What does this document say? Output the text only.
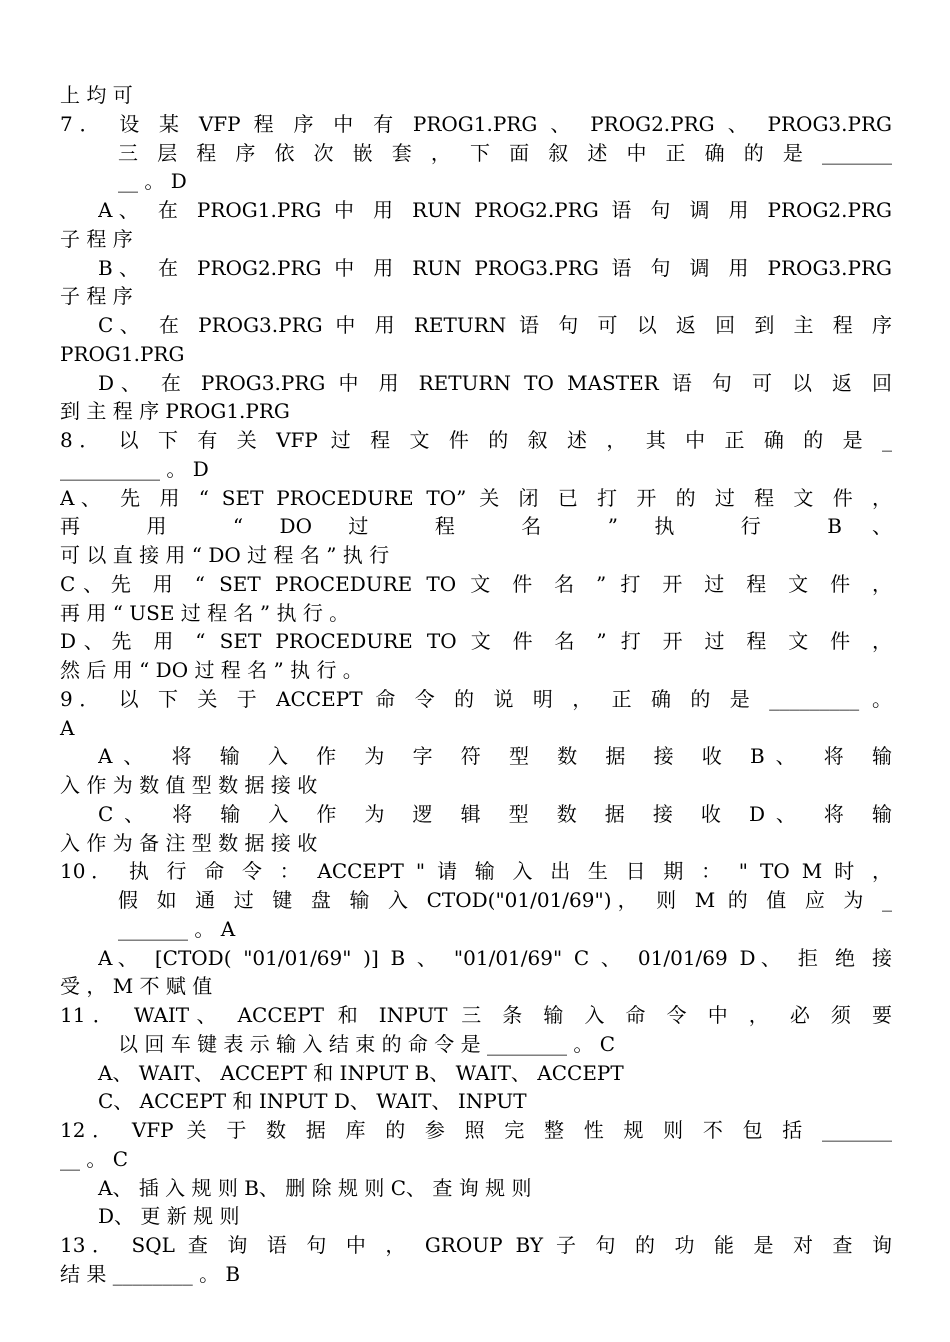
上 均 可
7． 设 某 VFP 程 序 中 有 PROG1.PRG 、 PROG2.PRG 、 PROG3.PRG
三 层 程 序 依 次 嵌 套 ， 下 面 叙 述 中 正 确 的 是 _______
__ 。 D
A、 在 PROG1.PRG 中 用 RUN PROG2.PRG 语 句 调 用 PROG2.PRG
子 程 序
B、 在 PROG2.PRG 中 用 RUN PROG3.PRG 语 句 调 用 PROG3.PRG
子 程 序
C、 在 PROG3.PRG 中 用 RETURN 语 句 可 以 返 回 到 主 程 序
PROG1.PRG
D、 在 PROG3.PRG 中 用 RETURN TO MASTER 语 句 可 以 返 回
到 主 程 序 PROG1.PRG
8． 以 下 有 关 VFP 过 程 文 件 的 叙 述 ， 其 中 正 确 的 是 _
__________ 。 D
A、 先 用 “ SET PROCEDURE TO” 关 闭 已 打 开 的 过 程 文 件 ，
再 用 “ DO 过 程 名 ” 执 行 B、
可 以 直 接 用 “ DO 过 程 名 ” 执 行
C、先 用 “ SET PROCEDURE TO 文 件 名 ” 打 开 过 程 文 件 ，
再 用 “ USE 过 程 名 ” 执 行 。
D、先 用 “ SET PROCEDURE TO 文 件 名 ” 打 开 过 程 文 件 ，
然 后 用 “ DO 过 程 名 ” 执 行 。
9． 以 下 关 于 ACCEPT 命 令 的 说 明 ， 正 确 的 是 _________ 。
A
A、 将 输 入 作 为 字 符 型 数 据 接 收 B、 将 输
入 作 为 数 值 型 数 据 接 收
C、 将 输 入 作 为 逻 辑 型 数 据 接 收 D、 将 输
入 作 为 备 注 型 数 据 接 收
10． 执 行 命 令 ： ACCEPT " 请 输 入 出 生 日 期 ： " TO M 时 ，
假 如 通 过 键 盘 输 入 CTOD("01/01/69")， 则 M 的 值 应 为 _
_______ 。 A
A、 [CTOD( "01/01/69" )] B 、 "01/01/69" C 、 01/01/69 D、 拒 绝 接
受 ， M 不 赋 值
11． WAIT、 ACCEPT 和 INPUT 三 条 输 入 命 令 中 ， 必 须 要
以 回 车 键 表 示 输 入 结 束 的 命 令 是 ________ 。 C
A、 WAIT、 ACCEPT 和 INPUT B、 WAIT、 ACCEPT
C、 ACCEPT 和 INPUT D、 WAIT、 INPUT
12． VFP 关 于 数 据 库 的 参 照 完 整 性 规 则 不 包 括 _______
__ 。 C
A、 插 入 规 则 B、 删 除 规 则 C、 查 询 规 则
D、 更 新 规 则
13． SQL 查 询 语 句 中 ， GROUP BY 子 句 的 功 能 是 对 查 询
结 果 ________ 。 B
